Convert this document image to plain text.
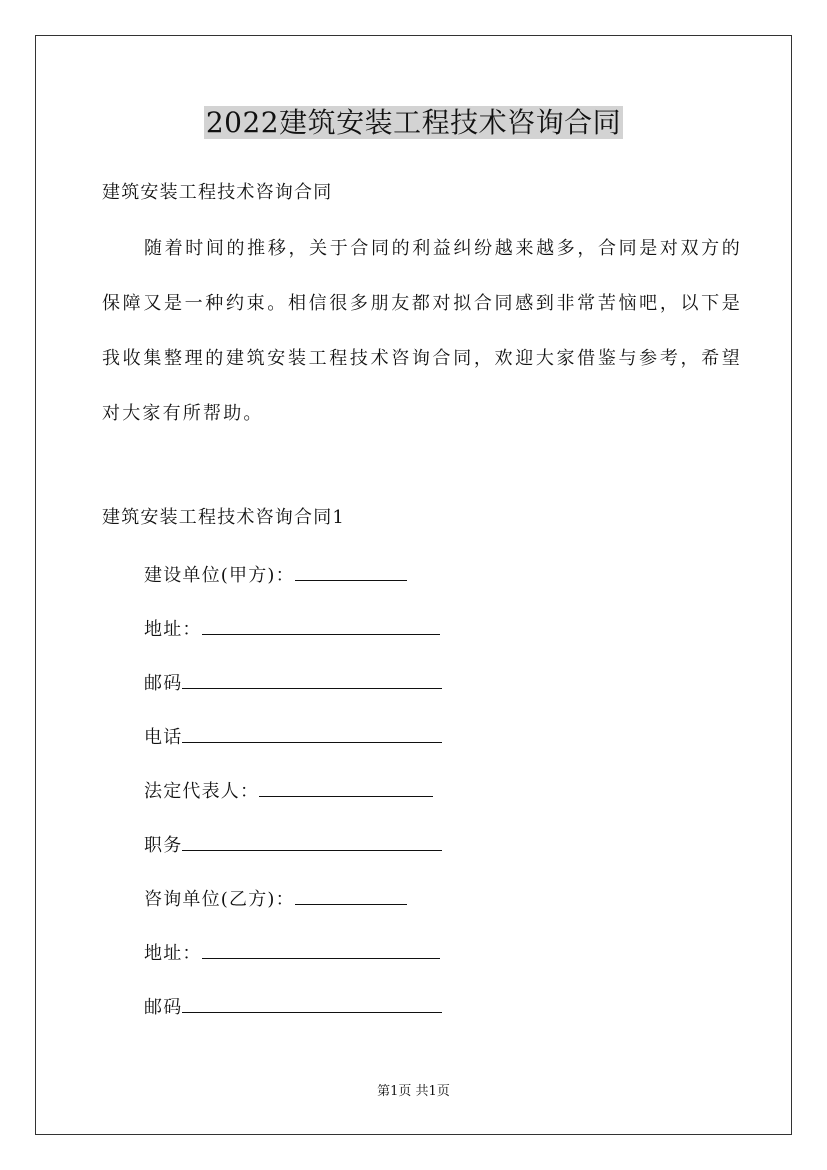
2022建筑安装工程技术咨询合同
建筑安装工程技术咨询合同
随着时间的推移，关于合同的利益纠纷越来越多，合同是对双方的保障又是一种约束。相信很多朋友都对拟合同感到非常苦恼吧，以下是我收集整理的建筑安装工程技术咨询合同，欢迎大家借鉴与参考，希望对大家有所帮助。
建筑安装工程技术咨询合同1
建设单位(甲方)：
地址：
邮码
电话
法定代表人：
职务
咨询单位(乙方)：
地址：
邮码
第1页 共1页
